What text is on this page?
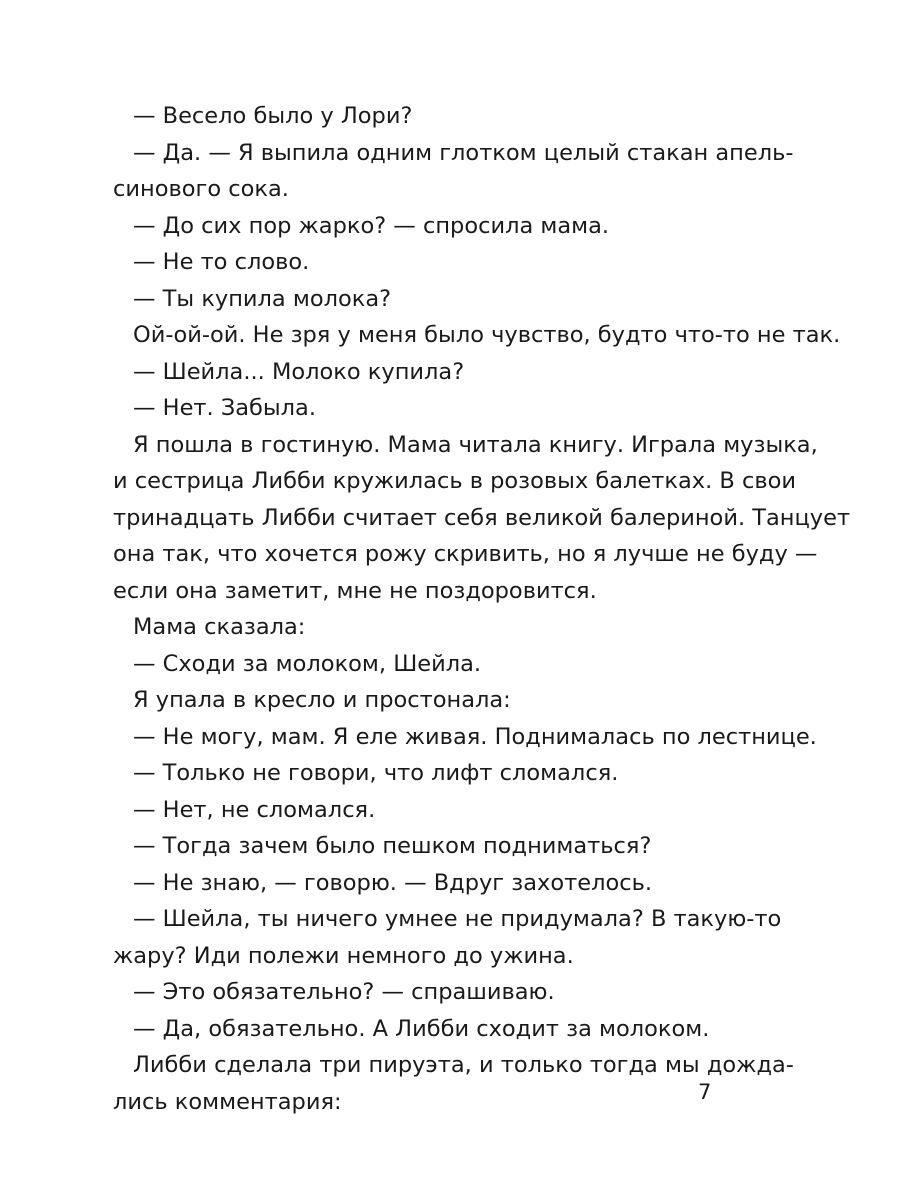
— Весело было у Лори?
— Да. — Я выпила одним глотком целый стакан апель-
синового сока.
— До сих пор жарко? — спросила мама.
— Не то слово.
— Ты купила молока?
Ой-ой-ой. Не зря у меня было чувство, будто что-то не так.
— Шейла... Молоко купила?
— Нет. Забыла.
Я пошла в гостиную. Мама читала книгу. Играла музыка,
и сестрица Либби кружилась в розовых балетках. В свои
тринадцать Либби считает себя великой балериной. Танцует
она так, что хочется рожу скривить, но я лучше не буду —
если она заметит, мне не поздоровится.
Мама сказала:
— Сходи за молоком, Шейла.
Я упала в кресло и простонала:
— Не могу, мам. Я еле живая. Поднималась по лестнице.
— Только не говори, что лифт сломался.
— Нет, не сломался.
— Тогда зачем было пешком подниматься?
— Не знаю, — говорю. — Вдруг захотелось.
— Шейла, ты ничего умнее не придумала? В такую-то
жару? Иди полежи немного до ужина.
— Это обязательно? — спрашиваю.
— Да, обязательно. А Либби сходит за молоком.
Либби сделала три пируэта, и только тогда мы дожда-
лись комментария:	7
